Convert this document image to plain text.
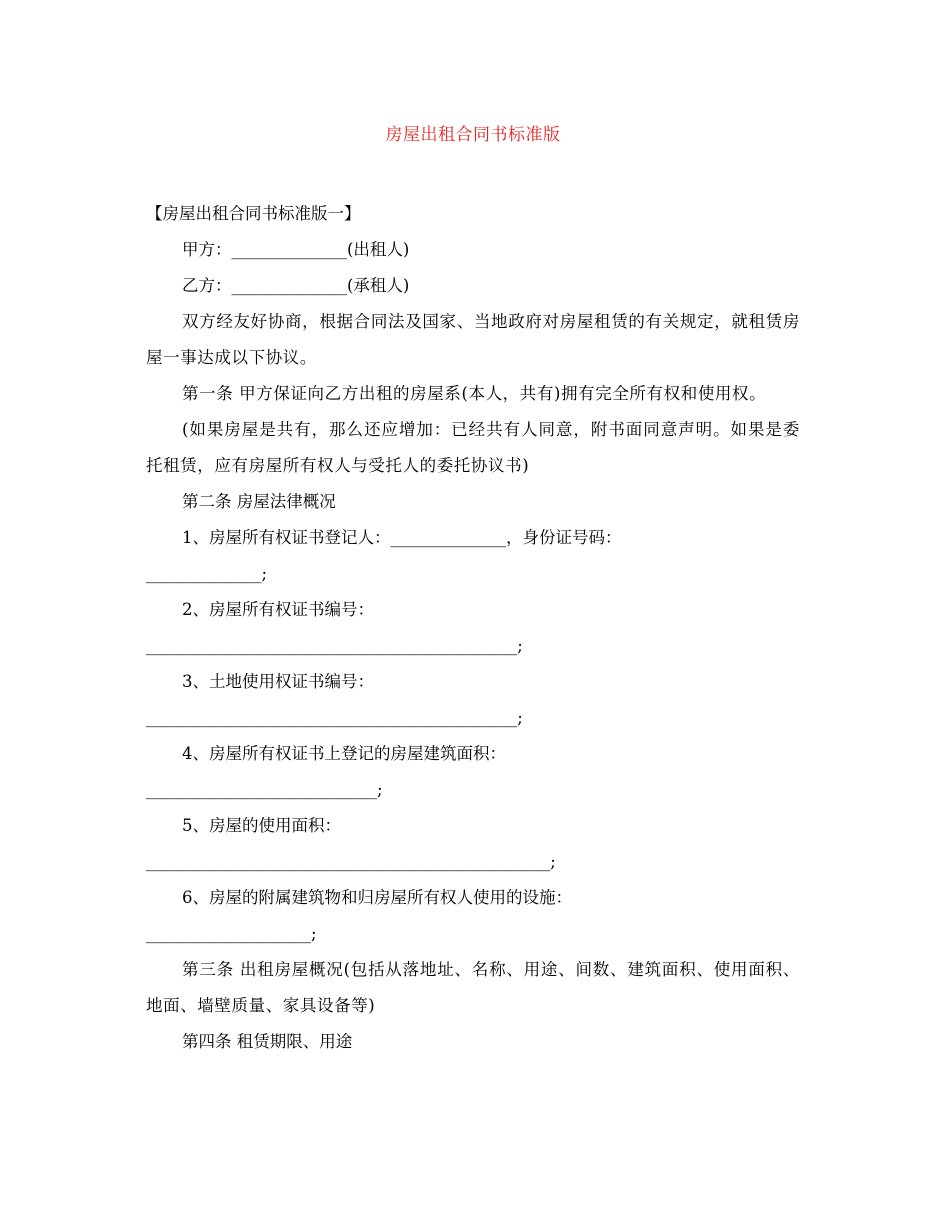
房屋出租合同书标准版
【房屋出租合同书标准版一】

甲方：______________(出租人)

乙方：______________(承租人)

双方经友好协商，根据合同法及国家、当地政府对房屋租赁的有关规定，就租赁房屋一事达成以下协议。

第一条 甲方保证向乙方出租的房屋系(本人，共有)拥有完全所有权和使用权。

(如果房屋是共有，那么还应增加：已经共有人同意，附书面同意声明。如果是委托租赁，应有房屋所有权人与受托人的委托协议书)

第二条 房屋法律概况

1、房屋所有权证书登记人：______________，身份证号码：

______________;

2、房屋所有权证书编号：

_____________________________________________;

3、土地使用权证书编号：

_____________________________________________;

4、房屋所有权证书上登记的房屋建筑面积：

____________________________;

5、房屋的使用面积：

_________________________________________________;

6、房屋的附属建筑物和归房屋所有权人使用的设施：

____________________;

第三条 出租房屋概况(包括从落地址、名称、用途、间数、建筑面积、使用面积、地面、墙壁质量、家具设备等)

第四条 租赁期限、用途
